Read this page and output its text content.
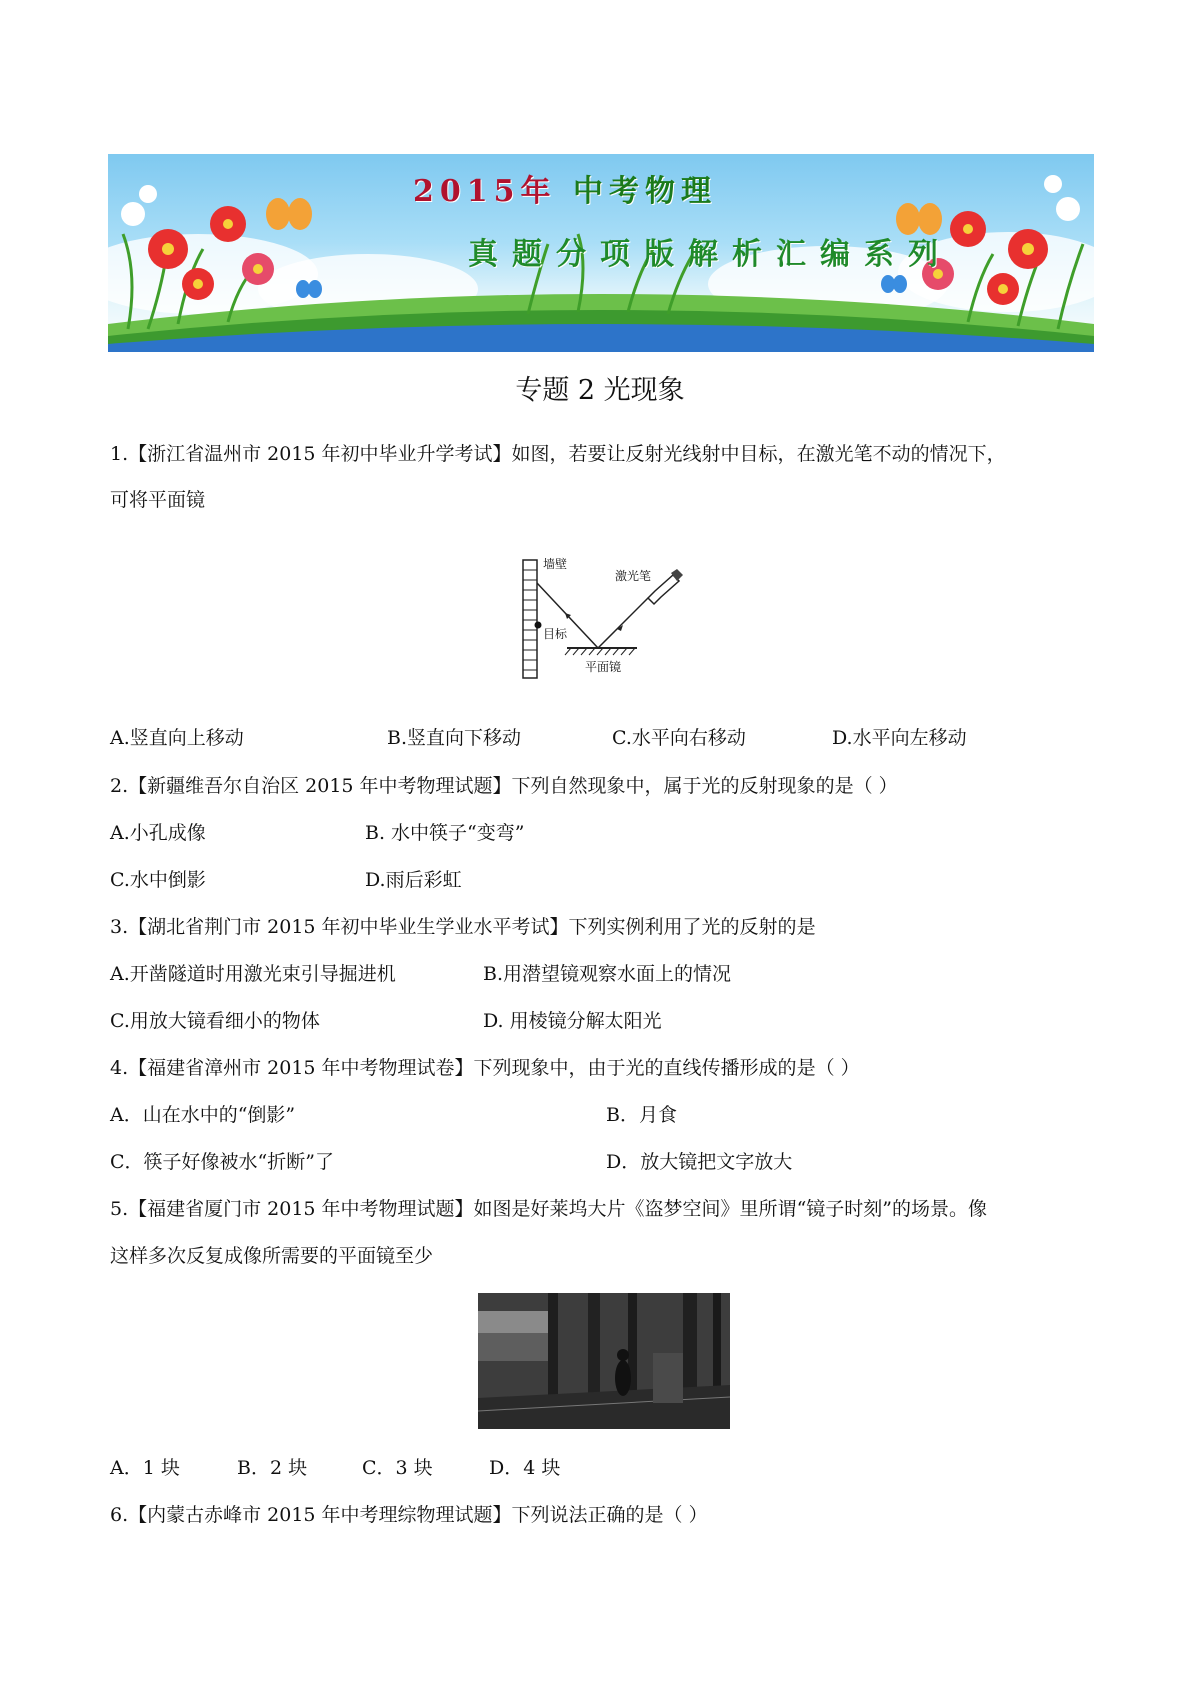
2015年 中考物理
真题分项版解析汇编系列
专题 2 光现象
1.【浙江省温州市 2015 年初中毕业升学考试】如图，若要让反射光线射中目标，在激光笔不动的情况下，
可将平面镜
墙壁
激光笔
目标
平面镜
A.竖直向上移动	B.竖直向下移动	C.水平向右移动	D.水平向左移动
2.【新疆维吾尔自治区 2015 年中考物理试题】下列自然现象中，属于光的反射现象的是（ ）
A.小孔成像	B. 水中筷子“变弯”
C.水中倒影	D.雨后彩虹
3.【湖北省荆门市 2015 年初中毕业生学业水平考试】下列实例利用了光的反射的是
A.开凿隧道时用激光束引导掘进机	B.用潜望镜观察水面上的情况
C.用放大镜看细小的物体	D. 用棱镜分解太阳光
4.【福建省漳州市 2015 年中考物理试卷】下列现象中，由于光的直线传播形成的是（ ）
A．山在水中的“倒影”	B．月食
C．筷子好像被水“折断”了	D．放大镜把文字放大
5.【福建省厦门市 2015 年中考物理试题】如图是好莱坞大片《盗梦空间》里所谓“镜子时刻”的场景。像
这样多次反复成像所需要的平面镜至少
A．1 块	B．2 块	C．3 块	D．4 块
6.【内蒙古赤峰市 2015 年中考理综物理试题】下列说法正确的是（ ）
